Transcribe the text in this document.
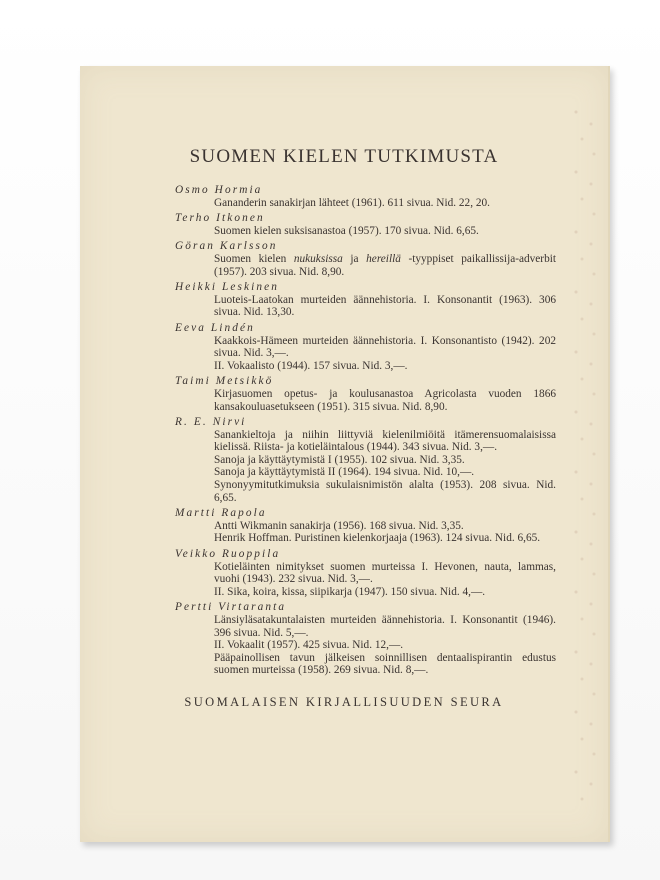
SUOMEN KIELEN TUTKIMUSTA
Osmo Hormia
Gananderin sanakirjan lähteet (1961). 611 sivua. Nid. 22, 20.
Terho Itkonen
Suomen kielen suksisanastoa (1957). 170 sivua. Nid. 6,65.
Göran Karlsson
Suomen kielen nukuksissa ja hereillä -tyyppiset paikallissija-adverbit (1957). 203 sivua. Nid. 8,90.
Heikki Leskinen
Luoteis-Laatokan murteiden äännehistoria. I. Konsonantit (1963). 306 sivua. Nid. 13,30.
Eeva Lindén
Kaakkois-Hämeen murteiden äännehistoria. I. Konsonantisto (1942). 202 sivua. Nid. 3,—.
II. Vokaalisto (1944). 157 sivua. Nid. 3,—.
Taimi Metsikkö
Kirjasuomen opetus- ja koulusanastoa Agricolasta vuoden 1866 kansakouluasetukseen (1951). 315 sivua. Nid. 8,90.
R. E. Nirvi
Sanankieltoja ja niihin liittyviä kielenilmiöitä itämerensuomalaisissa kielissä. Riista- ja kotieläintalous (1944). 343 sivua. Nid. 3,—.
Sanoja ja käyttäytymistä I (1955). 102 sivua. Nid. 3,35.
Sanoja ja käyttäytymistä II (1964). 194 sivua. Nid. 10,—.
Synonyymitutkimuksia sukulaisnimistön alalta (1953). 208 sivua. Nid. 6,65.
Martti Rapola
Antti Wikmanin sanakirja (1956). 168 sivua. Nid. 3,35.
Henrik Hoffman. Puristinen kielenkorjaaja (1963). 124 sivua. Nid. 6,65.
Veikko Ruoppila
Kotieläinten nimitykset suomen murteissa I. Hevonen, nauta, lammas, vuohi (1943). 232 sivua. Nid. 3,—.
II. Sika, koira, kissa, siipikarja (1947). 150 sivua. Nid. 4,—.
Pertti Virtaranta
Länsiyläsatakuntalaisten murteiden äännehistoria. I. Konsonantit (1946). 396 sivua. Nid. 5,—.
II. Vokaalit (1957). 425 sivua. Nid. 12,—.
Pääpainollisen tavun jälkeisen soinnillisen dentaalispirantin edustus suomen murteissa (1958). 269 sivua. Nid. 8,—.
SUOMALAISEN KIRJALLISUUDEN SEURA
